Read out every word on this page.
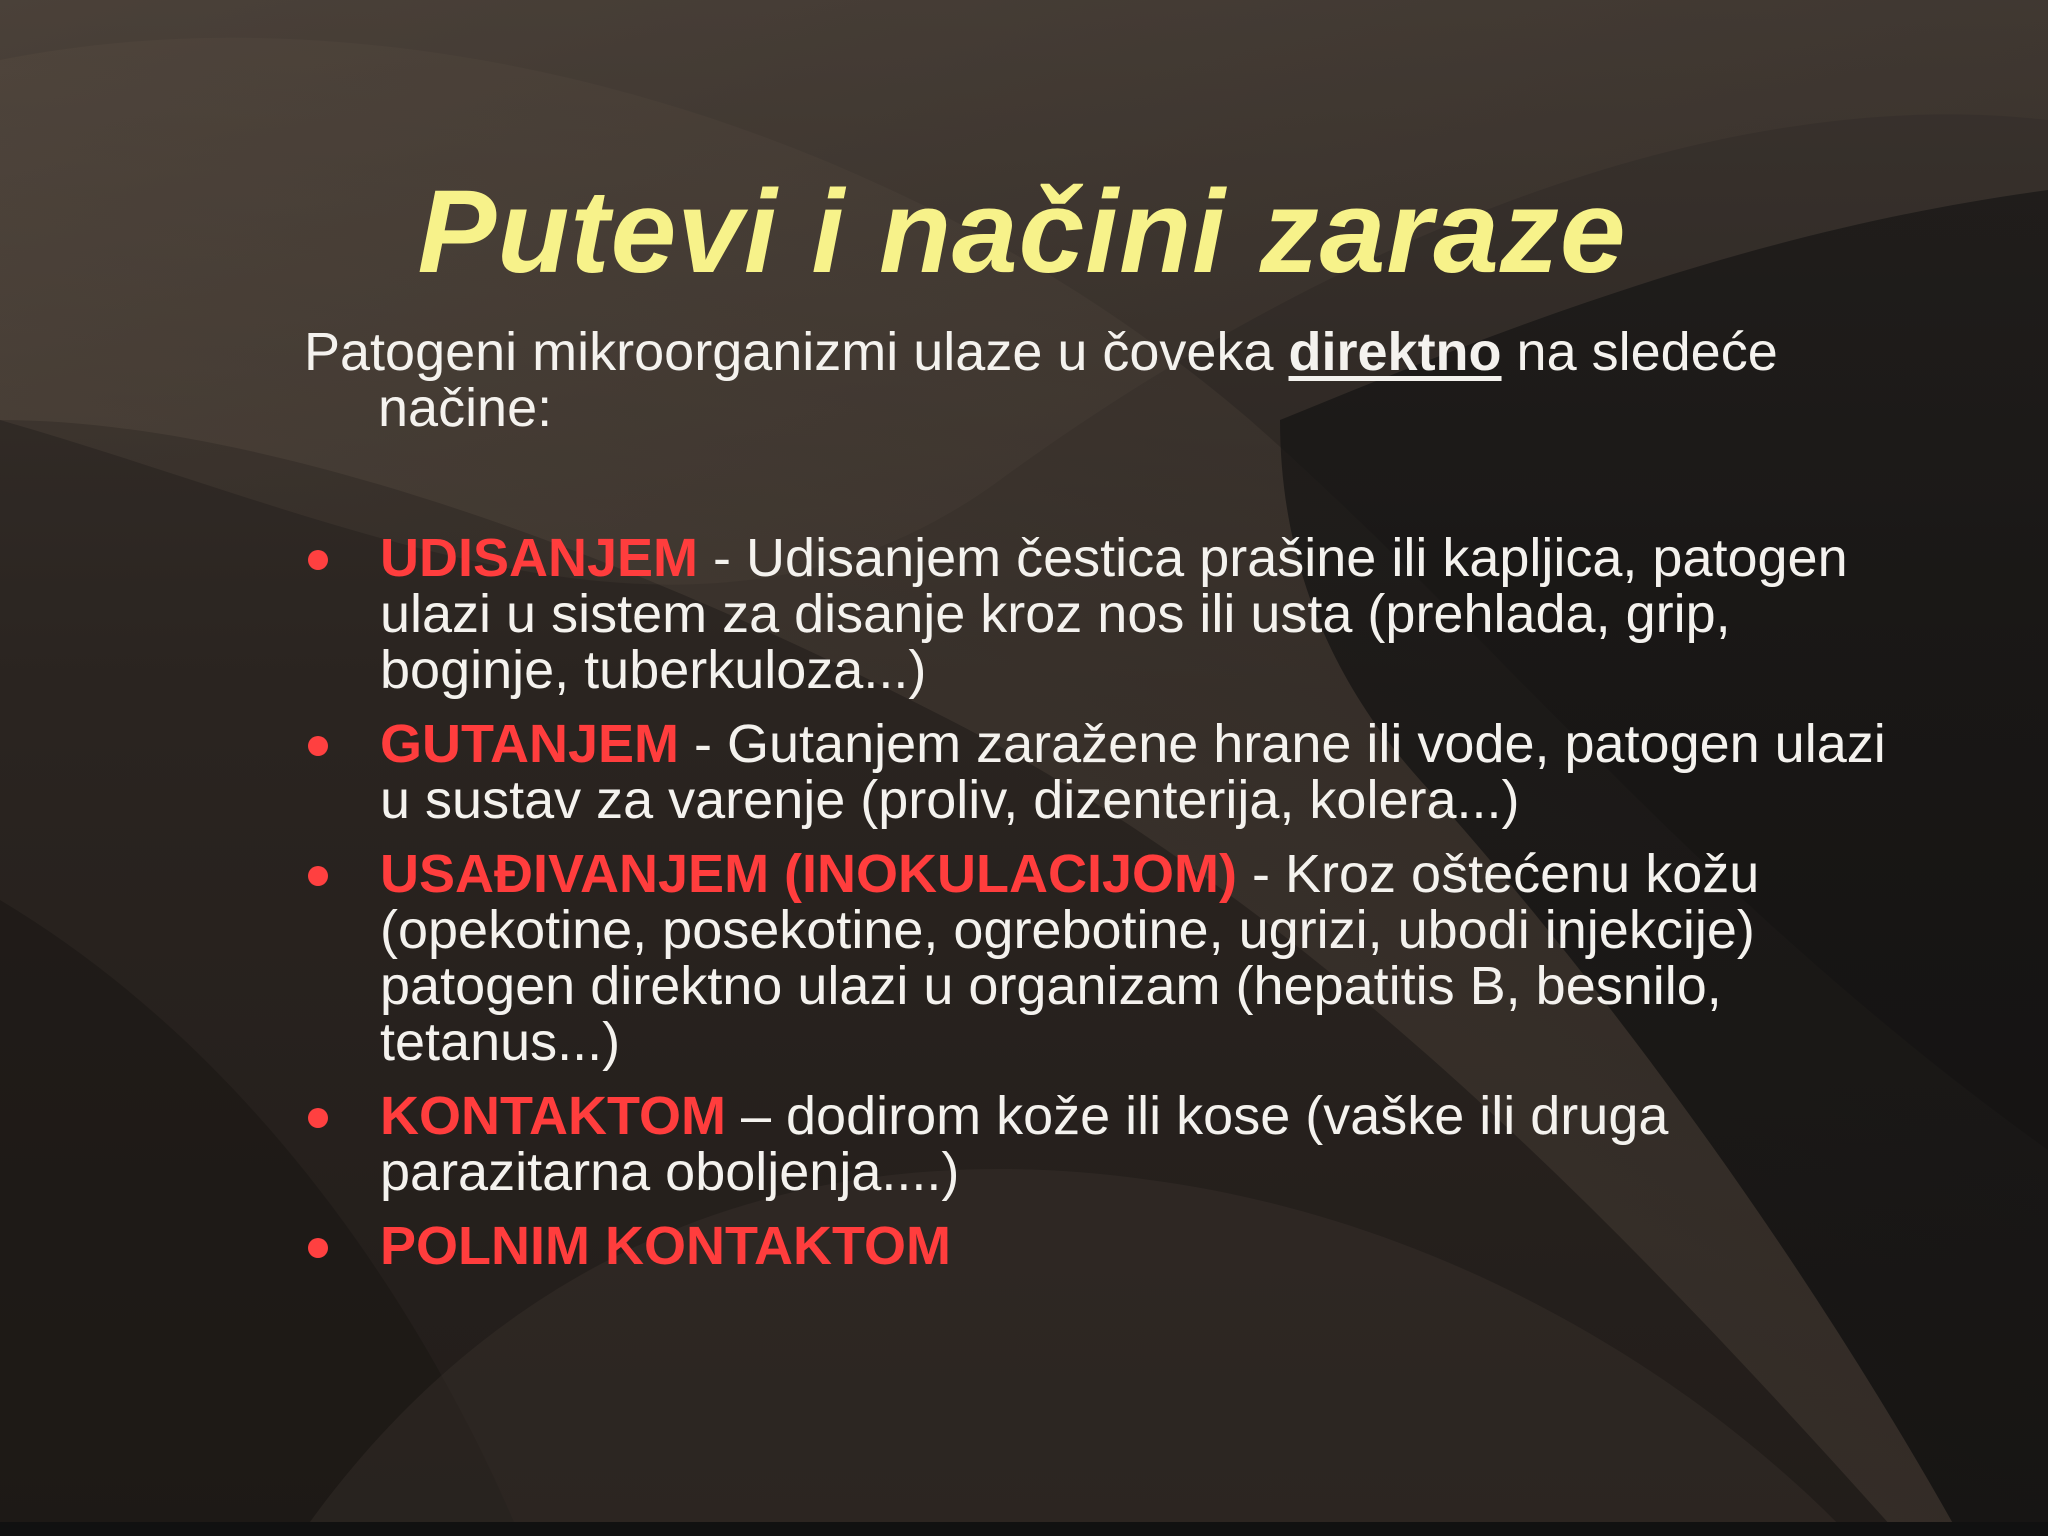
Putevi i načini zaraze

Patogeni mikroorganizmi ulaze u čoveka direktno na sledeće načine:

UDISANJEM - Udisanjem čestica prašine ili kapljica, patogen ulazi u sistem za disanje kroz nos ili usta (prehlada, grip, boginje, tuberkuloza...)
GUTANJEM - Gutanjem zaražene hrane ili vode, patogen ulazi u sustav za varenje (proliv, dizenterija, kolera...)
USAĐIVANJEM (INOKULACIJOM) - Kroz oštećenu kožu (opekotine, posekotine, ogrebotine, ugrizi, ubodi injekcije) patogen direktno ulazi u organizam (hepatitis B, besnilo, tetanus...)
KONTAKTOM – dodirom kože ili kose (vaške ili druga parazitarna oboljenja....)
POLNIM KONTAKTOM
